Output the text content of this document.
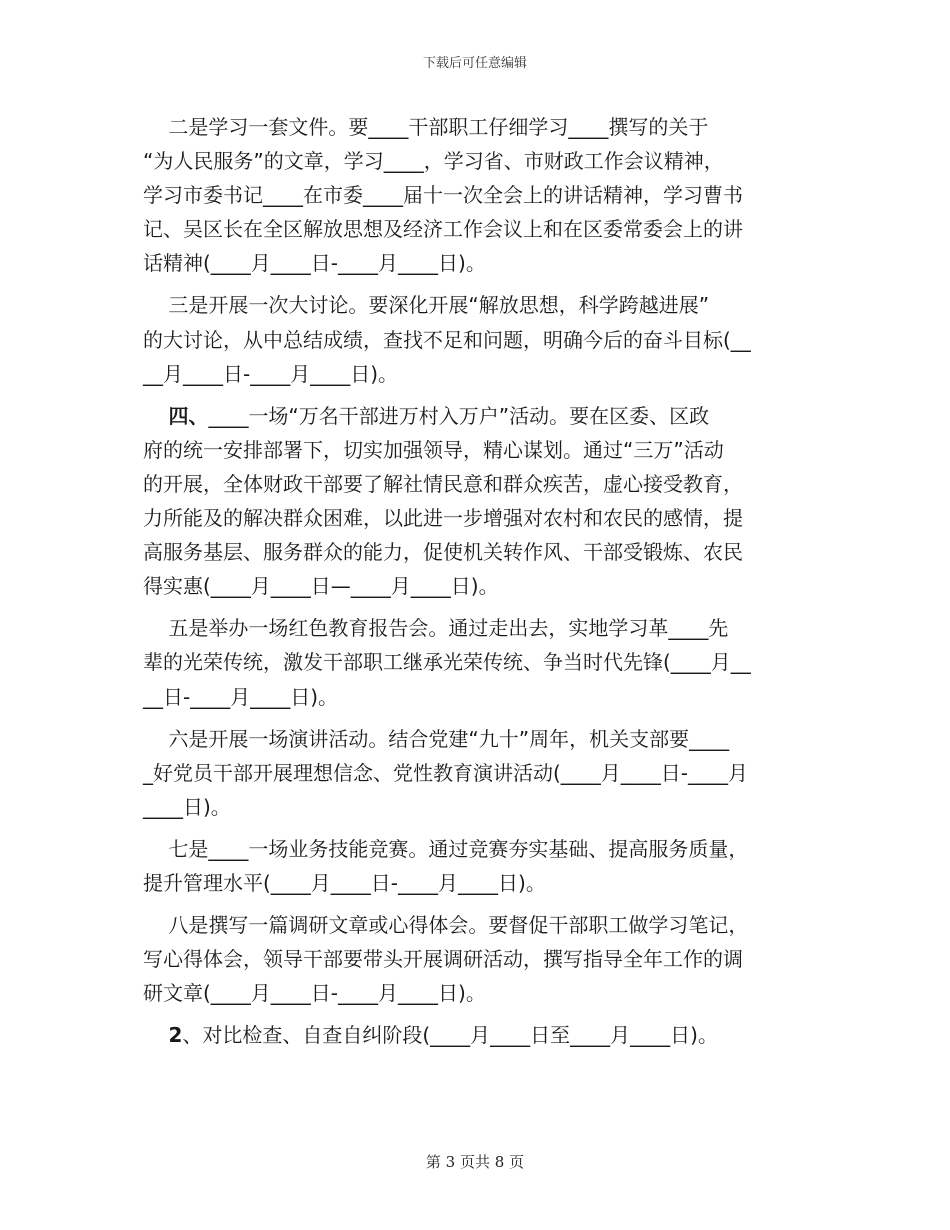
下载后可任意编辑
二是学习一套文件。要____干部职工仔细学习____撰写的关于
“为人民服务”的文章，学习____，学习省、市财政工作会议精神，
学习市委书记____在市委____届十一次全会上的讲话精神，学习曹书
记、吴区长在全区解放思想及经济工作会议上和在区委常委会上的讲
话精神(____月____日-____月____日)。
三是开展一次大讨论。要深化开展“解放思想，科学跨越进展”
的大讨论，从中总结成绩，查找不足和问题，明确今后的奋斗目标(__
__月____日-____月____日)。
四、____一场“万名干部进万村入万户”活动。要在区委、区政
府的统一安排部署下，切实加强领导，精心谋划。通过“三万”活动
的开展，全体财政干部要了解社情民意和群众疾苦，虚心接受教育，
力所能及的解决群众困难，以此进一步增强对农村和农民的感情，提
高服务基层、服务群众的能力，促使机关转作风、干部受锻炼、农民
得实惠(____月____日—____月____日)。
五是举办一场红色教育报告会。通过走出去，实地学习革____先
辈的光荣传统，激发干部职工继承光荣传统、争当时代先锋(____月__
__日-____月____日)。
六是开展一场演讲活动。结合党建“九十”周年，机关支部要____
_好党员干部开展理想信念、党性教育演讲活动(____月____日-____月
____日)。
七是____一场业务技能竞赛。通过竞赛夯实基础、提高服务质量，
提升管理水平(____月____日-____月____日)。
八是撰写一篇调研文章或心得体会。要督促干部职工做学习笔记，
写心得体会，领导干部要带头开展调研活动，撰写指导全年工作的调
研文章(____月____日-____月____日)。
2、对比检查、自查自纠阶段(____月____日至____月____日)。
第 3 页共 8 页
